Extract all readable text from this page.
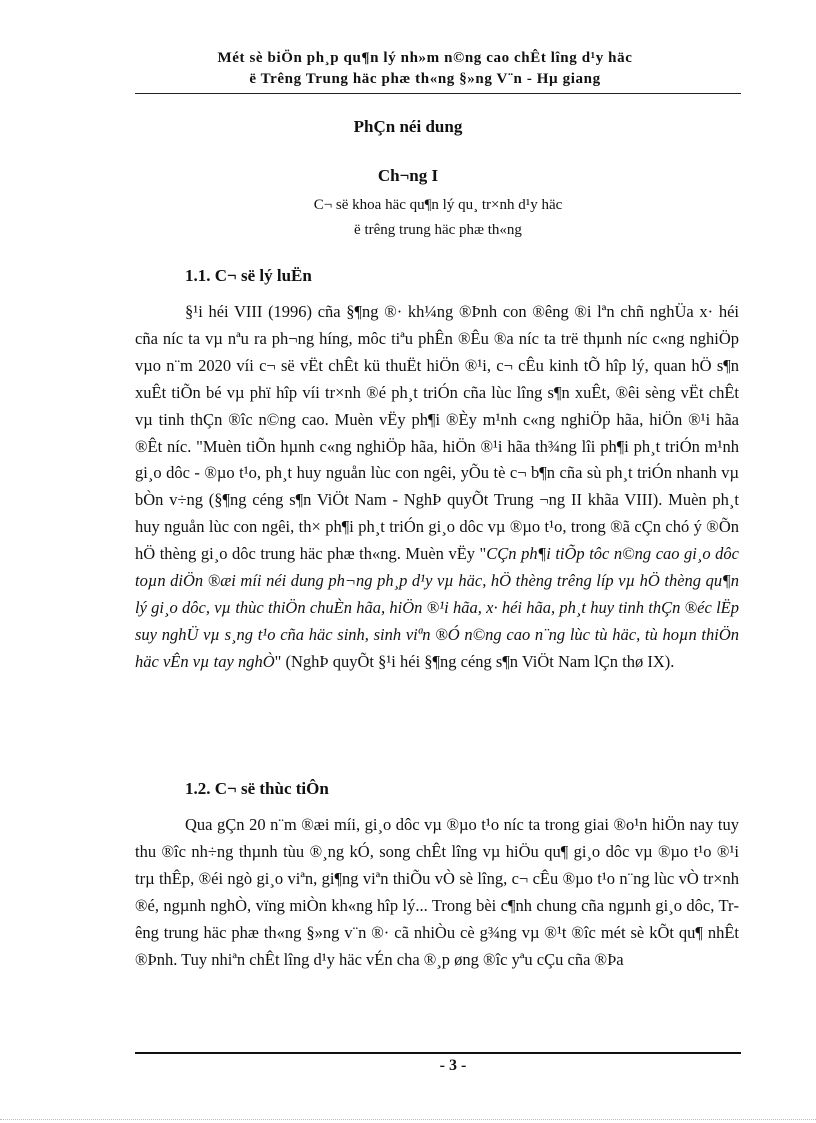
Mét sè biÖn ph¸p qu¶n lý nh»m n©ng cao chÊt lîng d¹y häc
ë Trêng Trung häc phæ th«ng §»ng V¨n - Hµ giang
PhÇn néi dung
Ch¬ng I
C¬ së khoa häc qu¶n lý qu¸ tr×nh d¹y häc
ë trêng trung häc phæ th«ng
1.1. C¬ së lý luËn

§¹i héi VIII (1996) cña §¶ng ®· kh¼ng ®Þnh con ®êng ®i lªn chñ nghÜa x· héi cña níc ta vµ nªu ra ph¬ng híng, môc tiªu phÊn ®Êu ®a níc ta trë thµnh níc c«ng nghiÖp vµo n¨m 2020 víi c¬ së vËt chÊt kü thuËt hiÖn ®¹i, c¬ cÊu kinh tÕ hîp lý, quan hÖ s¶n xuÊt tiÕn bé vµ phï hîp víi tr×nh ®é ph¸t triÓn cña lùc lîng s¶n xuÊt, ®êi sèng vËt chÊt vµ tinh thÇn ®îc n©ng cao. Muèn vËy ph¶i ®Èy m¹nh c«ng nghiÖp hãa, hiÖn ®¹i hãa ®Êt níc. "Muèn tiÕn hµnh c«ng nghiÖp hãa, hiÖn ®¹i hãa th¾ng lîi ph¶i ph¸t triÓn m¹nh gi¸o dôc - ®µo t¹o, ph¸t huy nguån lùc con ngêi, yÕu tè c¬ b¶n cña sù ph¸t triÓn nhanh vµ bÒn v÷ng (§¶ng céng s¶n ViÖt Nam - NghÞ quyÕt Trung ¬ng II khãa VIII). Muèn ph¸t huy nguån lùc con ngêi, th× ph¶i ph¸t triÓn gi¸o dôc vµ ®µo t¹o, trong ®ã cÇn chó ý ®Õn hÖ thèng gi¸o dôc trung häc phæ th«ng. Muèn vËy "CÇn ph¶i tiÕp tôc n©ng cao gi¸o dôc toµn diÖn ®æi míi néi dung ph¬ng ph¸p d¹y vµ häc, hÖ thèng trêng líp vµ hÖ thèng qu¶n lý gi¸o dôc, vµ thùc thiÖn chuÈn hãa, hiÖn ®¹i hãa, x· héi hãa, ph¸t huy tinh thÇn ®éc lËp suy nghÜ vµ s¸ng t¹o cña häc sinh, sinh viªn ®Ó n©ng cao n¨ng lùc tù häc, tù hoµn thiÖn häc vÊn vµ tay nghÒ" (NghÞ quyÕt §¹i héi §¶ng céng s¶n ViÖt Nam lÇn thø IX).

1.2. C¬ së thùc tiÔn

Qua gÇn 20 n¨m ®æi míi, gi¸o dôc vµ ®µo t¹o níc ta trong giai ®o¹n hiÖn nay tuy thu ®îc nh÷ng thµnh tùu ®¸ng kÓ, song chÊt lîng vµ hiÖu qu¶ gi¸o dôc vµ ®µo t¹o ®¹i trµ thÊp, ®éi ngò gi¸o viªn, gi¶ng viªn thiÕu vÒ sè lîng, c¬ cÊu ®µo t¹o n¨ng lùc vÒ tr×nh ®é, ngµnh nghÒ, vïng miÒn kh«ng hîp lý... Trong bèi c¶nh chung cña ngµnh gi¸o dôc, Trêng trung häc phæ th«ng §»ng v¨n ®· cã nhiÒu cè g¾ng vµ ®¹t ®îc mét sè kÕt qu¶ nhÊt ®Þnh. Tuy nhiªn chÊt lîng d¹y häc vÉn cha ®¸p øng ®îc yªu cÇu cña ®Þa

- 3 -
